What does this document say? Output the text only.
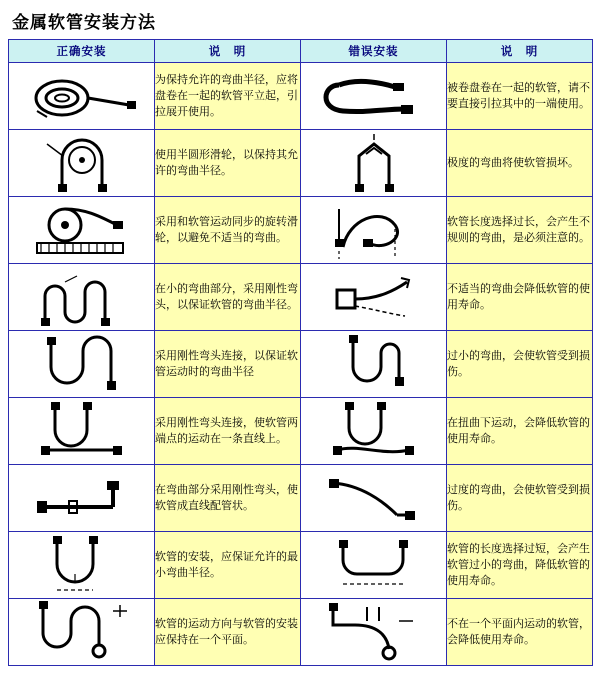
金属软管安装方法
正确安装	说　明	错误安装	说　明

	为保持允许的弯曲半径，应将盘卷在一起的软管平立起，引拉展开使用。		被卷盘卷在一起的软管，请不要直接引拉其中的一端使用。

	使用半圆形滑轮，以保持其允许的弯曲半径。		极度的弯曲将使软管损坏。

	采用和软管运动同步的旋转滑轮，以避免不适当的弯曲。		软管长度选择过长，会产生不规则的弯曲，是必须注意的。

	在小的弯曲部分，采用刚性弯头，以保证软管的弯曲半径。		不适当的弯曲会降低软管的使用寿命。

	采用刚性弯头连接，以保证软管运动时的弯曲半径		过小的弯曲，会使软管受到损伤。

	采用刚性弯头连接，使软管两端点的运动在一条直线上。		在扭曲下运动，会降低软管的使用寿命。

	在弯曲部分采用刚性弯头，使软管成直线配管状。		过度的弯曲，会使软管受到损伤。

	软管的安装，应保证允许的最小弯曲半径。		软管的长度选择过短，会产生软管过小的弯曲，降低软管的使用寿命。

	软管的运动方向与软管的安装应保持在一个平面。		不在一个平面内运动的软管，会降低使用寿命。
